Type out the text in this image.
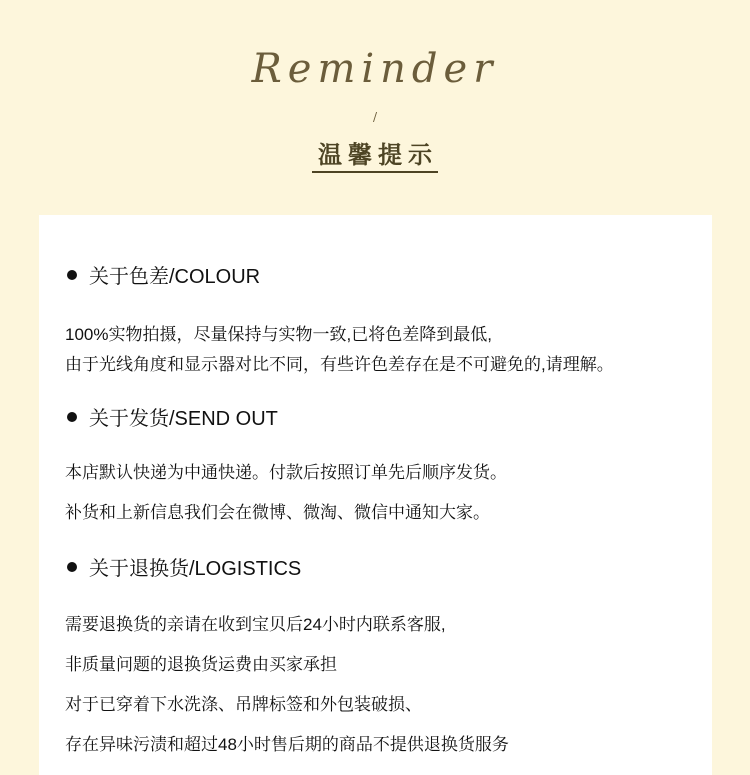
Reminder
/
温馨提示
关于色差/COLOUR
100%实物拍摄，尽量保持与实物一致,已将色差降到最低,
由于光线角度和显示器对比不同，有些许色差存在是不可避免的,请理解。
关于发货/SEND OUT
本店默认快递为中通快递。付款后按照订单先后顺序发货。
补货和上新信息我们会在微博、微淘、微信中通知大家。
关于退换货/LOGISTICS
需要退换货的亲请在收到宝贝后24小时内联系客服,
非质量问题的退换货运费由买家承担
对于已穿着下水洗涤、吊牌标签和外包装破损、
存在异味污渍和超过48小时售后期的商品不提供退换货服务
